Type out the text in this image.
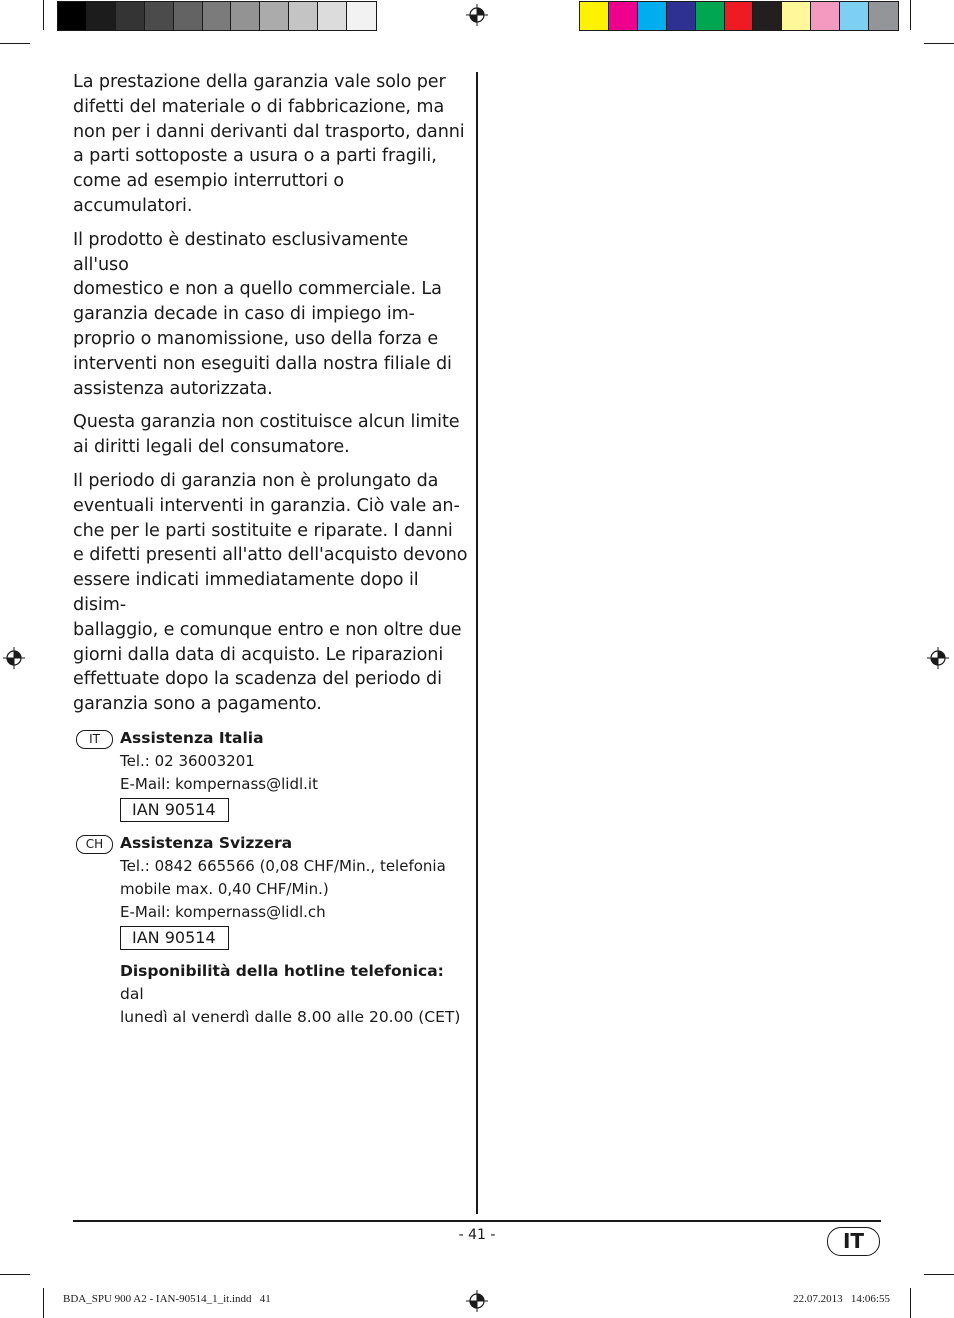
La prestazione della garanzia vale solo per
difetti del materiale o di fabbricazione, ma
non per i danni derivanti dal trasporto, danni
a parti sottoposte a usura o a parti fragili,
come ad esempio interruttori o accumulatori.

Il prodotto è destinato esclusivamente all'uso
domestico e non a quello commerciale. La
garanzia decade in caso di impiego im-
proprio o manomissione, uso della forza e
interventi non eseguiti dalla nostra filiale di
assistenza autorizzata.

Questa garanzia non costituisce alcun limite
ai diritti legali del consumatore.

Il periodo di garanzia non è prolungato da
eventuali interventi in garanzia. Ciò vale an-
che per le parti sostituite e riparate. I danni
e difetti presenti all'atto dell'acquisto devono
essere indicati immediatamente dopo il disim-
ballaggio, e comunque entro e non oltre due
giorni dalla data di acquisto. Le riparazioni
effettuate dopo la scadenza del periodo di
garanzia sono a pagamento.

IT	Assistenza Italia
Tel.: 02 36003201
E-Mail: kompernass@lidl.it
IAN 90514
CH	Assistenza Svizzera
Tel.: 0842 665566 (0,08 CHF/Min., telefonia
mobile max. 0,40 CHF/Min.)
E-Mail: kompernass@lidl.ch
IAN 90514
Disponibilità della hotline telefonica: dal
lunedì al venerdì dalle 8.00 alle 20.00 (CET)
- 41 -	IT
BDA_SPU 900 A2 - IAN-90514_1_it.indd   41	22.07.2013   14:06:55
